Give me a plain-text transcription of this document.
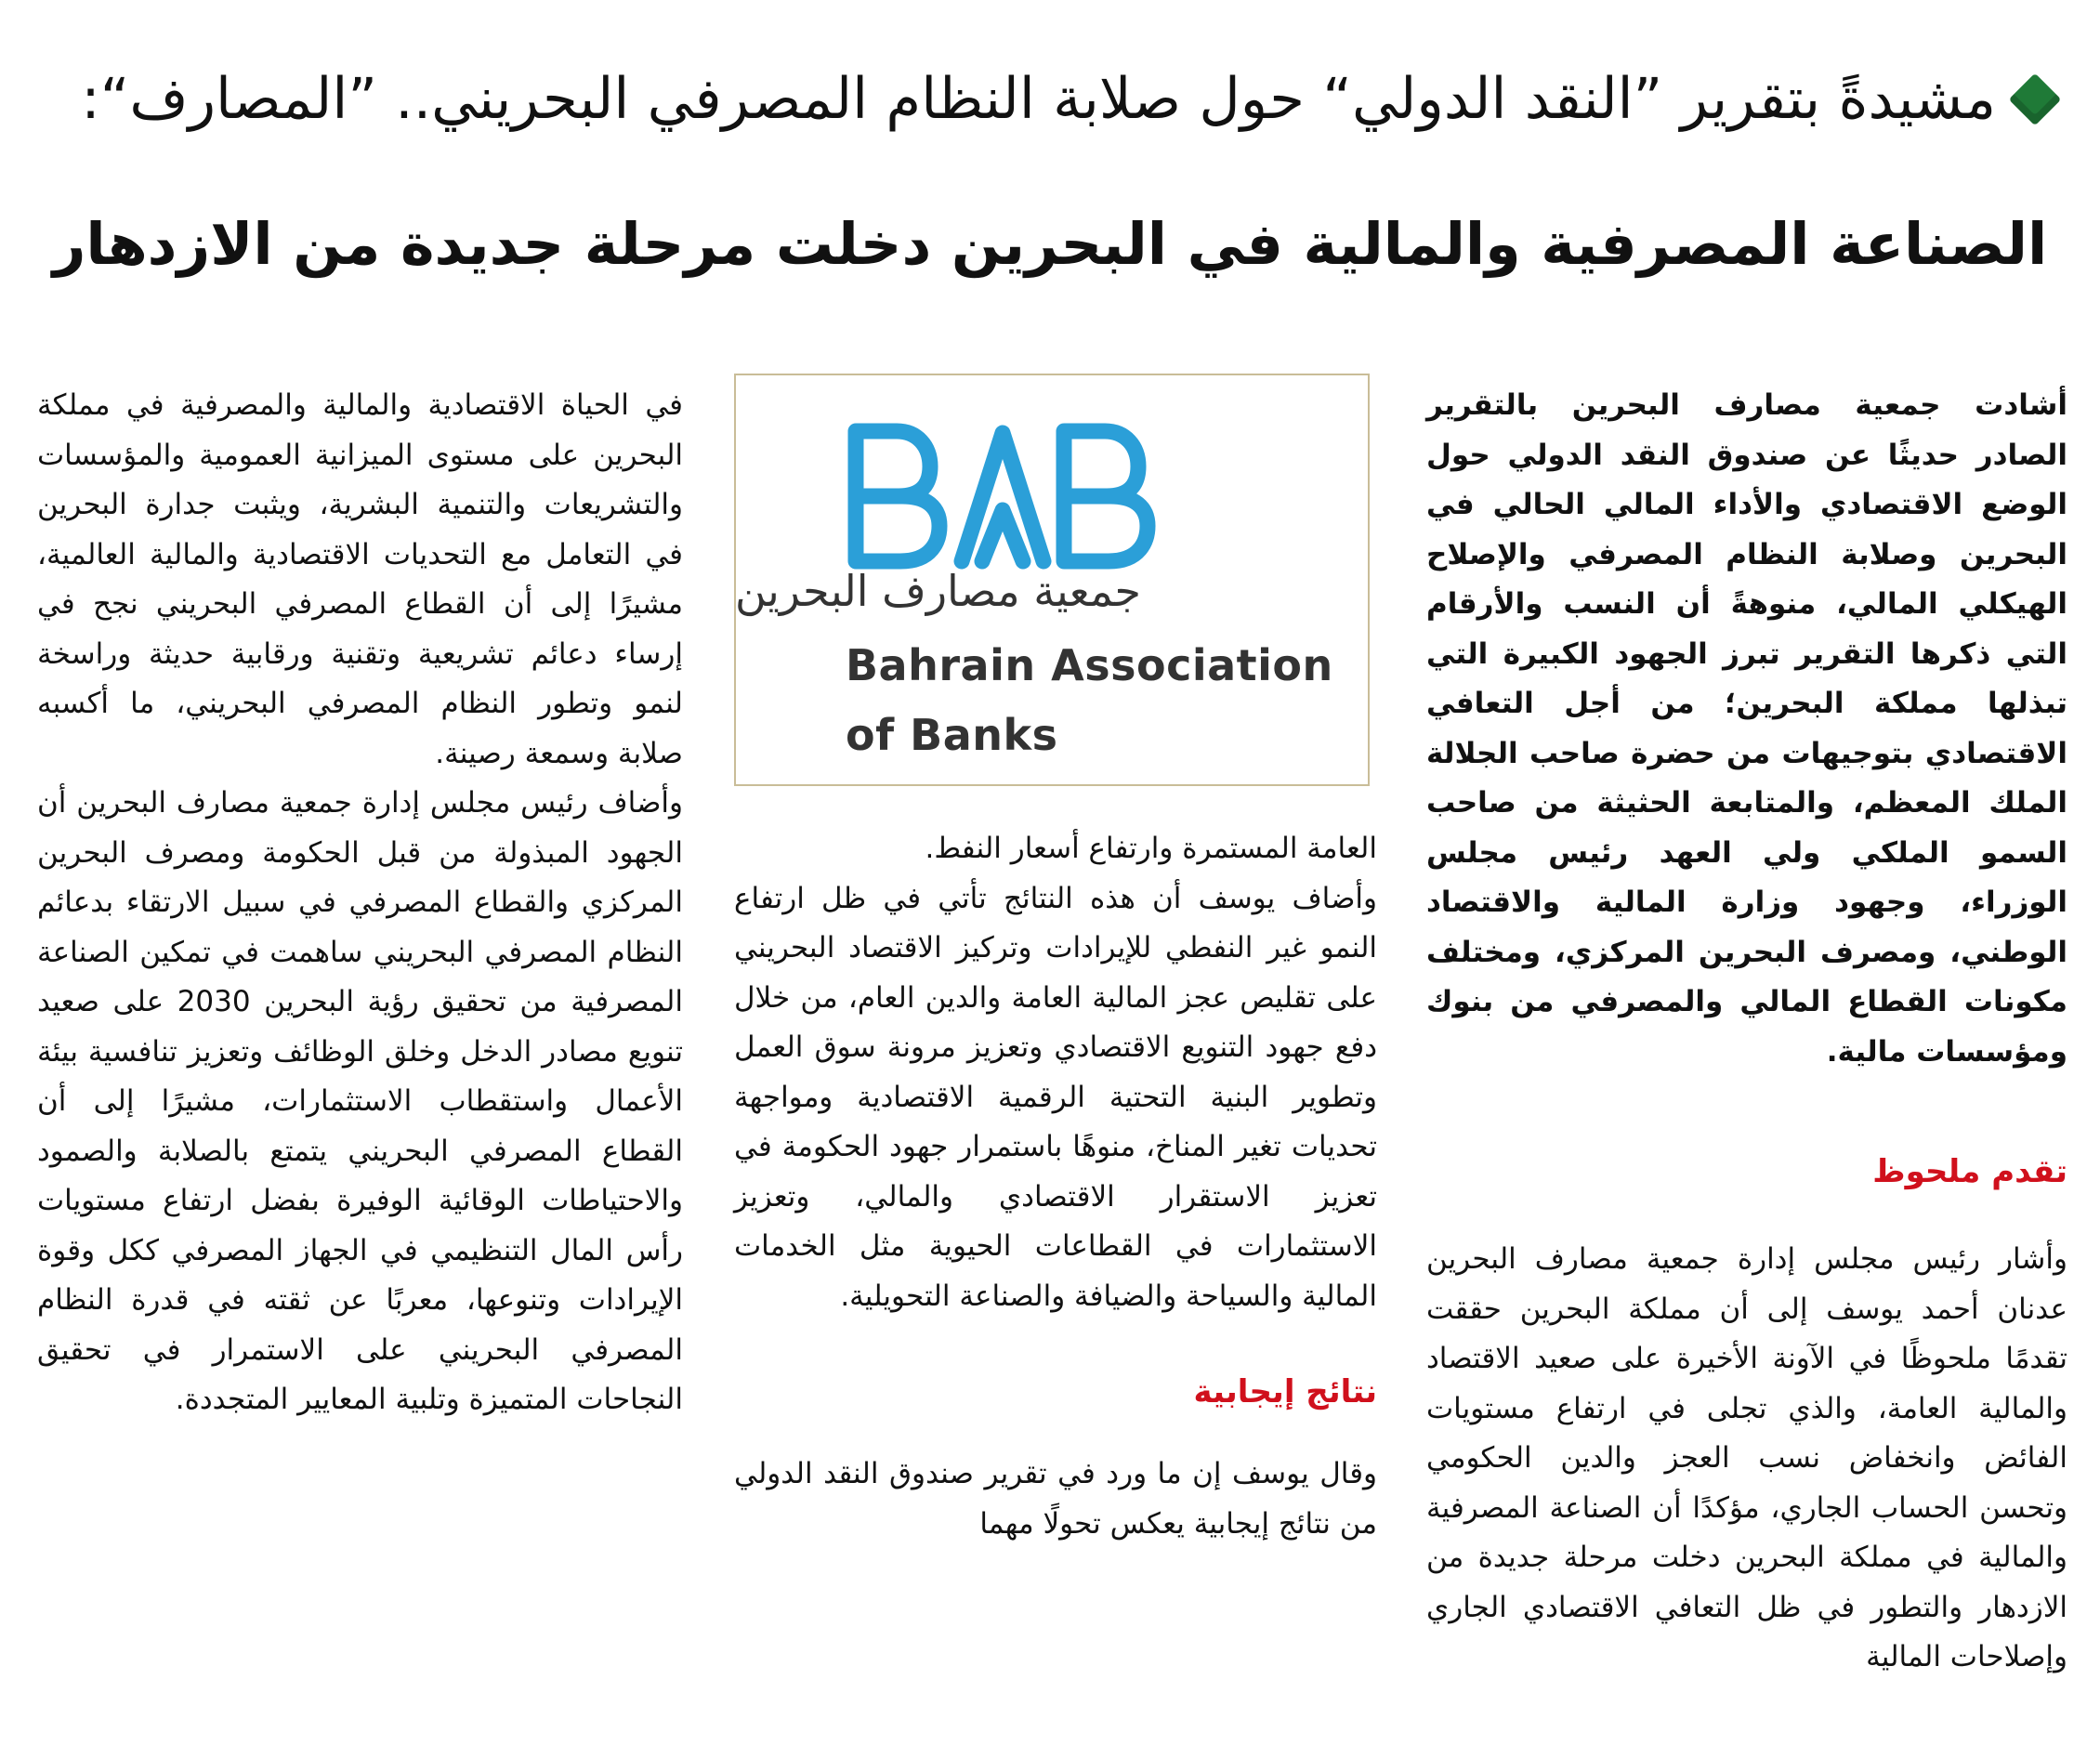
مشيدةً بتقرير ”النقد الدولي“ حول صلابة النظام المصرفي البحريني.. ”المصارف“:
الصناعة المصرفية والمالية في البحرين دخلت مرحلة جديدة من الازدهار

أشادت جمعية مصارف البحرين بالتقرير الصادر حديثًا عن صندوق النقد الدولي حول الوضع الاقتصادي والأداء المالي الحالي في البحرين وصلابة النظام المصرفي والإصلاح الهيكلي المالي، منوهةً أن النسب والأرقام التي ذكرها التقرير تبرز الجهود الكبيرة التي تبذلها مملكة البحرين؛ من أجل التعافي الاقتصادي بتوجيهات من حضرة صاحب الجلالة الملك المعظم، والمتابعة الحثيثة من صاحب السمو الملكي ولي العهد رئيس مجلس الوزراء، وجهود وزارة المالية والاقتصاد الوطني، ومصرف البحرين المركزي، ومختلف مكونات القطاع المالي والمصرفي من بنوك ومؤسسات مالية.

تقدم ملحوظ

وأشار رئيس مجلس إدارة جمعية مصارف البحرين عدنان أحمد يوسف إلى أن مملكة البحرين حققت تقدمًا ملحوظًا في الآونة الأخيرة على صعيد الاقتصاد والمالية العامة، والذي تجلى في ارتفاع مستويات الفائض وانخفاض نسب العجز والدين الحكومي وتحسن الحساب الجاري، مؤكدًا أن الصناعة المصرفية والمالية في مملكة البحرين دخلت مرحلة جديدة من الازدهار والتطور في ظل التعافي الاقتصادي الجاري وإصلاحات المالية

جمعية مصارف البحرين
Bahrain Association
of Banks

العامة المستمرة وارتفاع أسعار النفط.

وأضاف يوسف أن هذه النتائج تأتي في ظل ارتفاع النمو غير النفطي للإيرادات وتركيز الاقتصاد البحريني على تقليص عجز المالية العامة والدين العام، من خلال دفع جهود التنويع الاقتصادي وتعزيز مرونة سوق العمل وتطوير البنية التحتية الرقمية الاقتصادية ومواجهة تحديات تغير المناخ، منوهًا باستمرار جهود الحكومة في تعزيز الاستقرار الاقتصادي والمالي، وتعزيز الاستثمارات في القطاعات الحيوية مثل الخدمات المالية والسياحة والضيافة والصناعة التحويلية.

نتائج إيجابية

وقال يوسف إن ما ورد في تقرير صندوق النقد الدولي من نتائج إيجابية يعكس تحولًا مهما

في الحياة الاقتصادية والمالية والمصرفية في مملكة البحرين على مستوى الميزانية العمومية والمؤسسات والتشريعات والتنمية البشرية، ويثبت جدارة البحرين في التعامل مع التحديات الاقتصادية والمالية العالمية، مشيرًا إلى أن القطاع المصرفي البحريني نجح في إرساء دعائم تشريعية وتقنية ورقابية حديثة وراسخة لنمو وتطور النظام المصرفي البحريني، ما أكسبه صلابة وسمعة رصينة.

وأضاف رئيس مجلس إدارة جمعية مصارف البحرين أن الجهود المبذولة من قبل الحكومة ومصرف البحرين المركزي والقطاع المصرفي في سبيل الارتقاء بدعائم النظام المصرفي البحريني ساهمت في تمكين الصناعة المصرفية من تحقيق رؤية البحرين 2030 على صعيد تنويع مصادر الدخل وخلق الوظائف وتعزيز تنافسية بيئة الأعمال واستقطاب الاستثمارات، مشيرًا إلى أن القطاع المصرفي البحريني يتمتع بالصلابة والصمود والاحتياطات الوقائية الوفيرة بفضل ارتفاع مستويات رأس المال التنظيمي في الجهاز المصرفي ككل وقوة الإيرادات وتنوعها، معربًا عن ثقته في قدرة النظام المصرفي البحريني على الاستمرار في تحقيق النجاحات المتميزة وتلبية المعايير المتجددة.
